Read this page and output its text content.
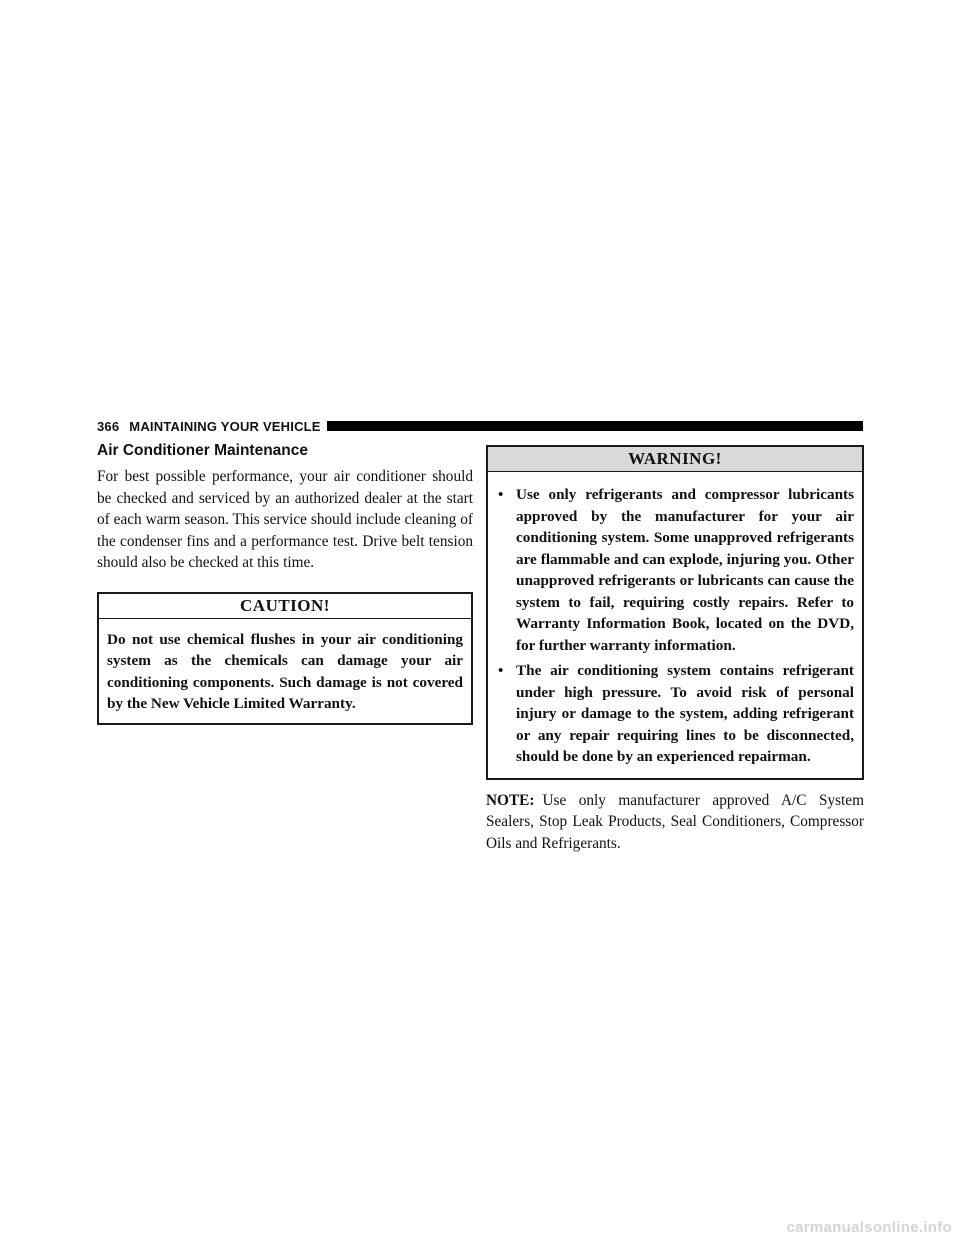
366 MAINTAINING YOUR VEHICLE
Air Conditioner Maintenance

For best possible performance, your air conditioner should be checked and serviced by an authorized dealer at the start of each warm season. This service should include cleaning of the condenser fins and a performance test. Drive belt tension should also be checked at this time.

CAUTION!
Do not use chemical flushes in your air conditioning system as the chemicals can damage your air conditioning components. Such damage is not covered by the New Vehicle Limited Warranty.
WARNING!
• Use only refrigerants and compressor lubricants approved by the manufacturer for your air conditioning system. Some unapproved refrigerants are flammable and can explode, injuring you. Other unapproved refrigerants or lubricants can cause the system to fail, requiring costly repairs. Refer to Warranty Information Book, located on the DVD, for further warranty information.
• The air conditioning system contains refrigerant under high pressure. To avoid risk of personal injury or damage to the system, adding refrigerant or any repair requiring lines to be disconnected, should be done by an experienced repairman.

NOTE: Use only manufacturer approved A/C System Sealers, Stop Leak Products, Seal Conditioners, Compressor Oils and Refrigerants.

carmanualsonline.info
